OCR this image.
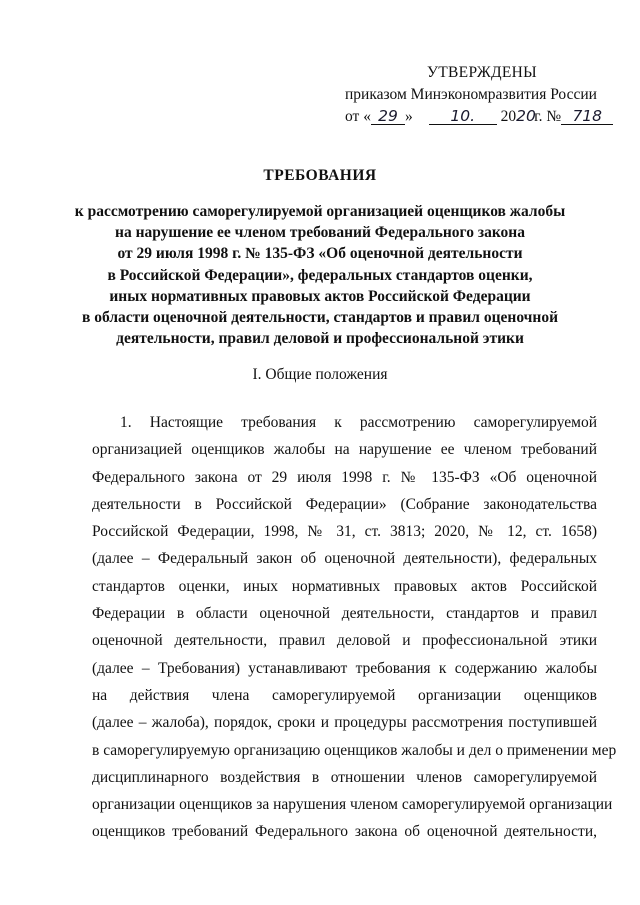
УТВЕРЖДЕНЫ
приказом Минэкономразвития России
от « 29 » 10. 2020г. № 718
ТРЕБОВАНИЯ
к рассмотрению саморегулируемой организацией оценщиков жалобы
на нарушение ее членом требований Федерального закона
от 29 июля 1998 г. № 135-ФЗ «Об оценочной деятельности
в Российской Федерации», федеральных стандартов оценки,
иных нормативных правовых актов Российской Федерации
в области оценочной деятельности, стандартов и правил оценочной
деятельности, правил деловой и профессиональной этики
I. Общие положения
1. Настоящие требования к рассмотрению саморегулируемой
организацией оценщиков жалобы на нарушение ее членом требований
Федерального закона от 29 июля 1998 г. № 135-ФЗ «Об оценочной
деятельности в Российской Федерации» (Собрание законодательства
Российской Федерации, 1998, № 31, ст. 3813; 2020, № 12, ст. 1658)
(далее – Федеральный закон об оценочной деятельности), федеральных
стандартов оценки, иных нормативных правовых актов Российской
Федерации в области оценочной деятельности, стандартов и правил
оценочной деятельности, правил деловой и профессиональной этики
(далее – Требования) устанавливают требования к содержанию жалобы
на действия члена саморегулируемой организации оценщиков
(далее – жалоба), порядок, сроки и процедуры рассмотрения поступившей
в саморегулируемую организацию оценщиков жалобы и дел о применении мер
дисциплинарного воздействия в отношении членов саморегулируемой
организации оценщиков за нарушения членом саморегулируемой организации
оценщиков требований Федерального закона об оценочной деятельности,
